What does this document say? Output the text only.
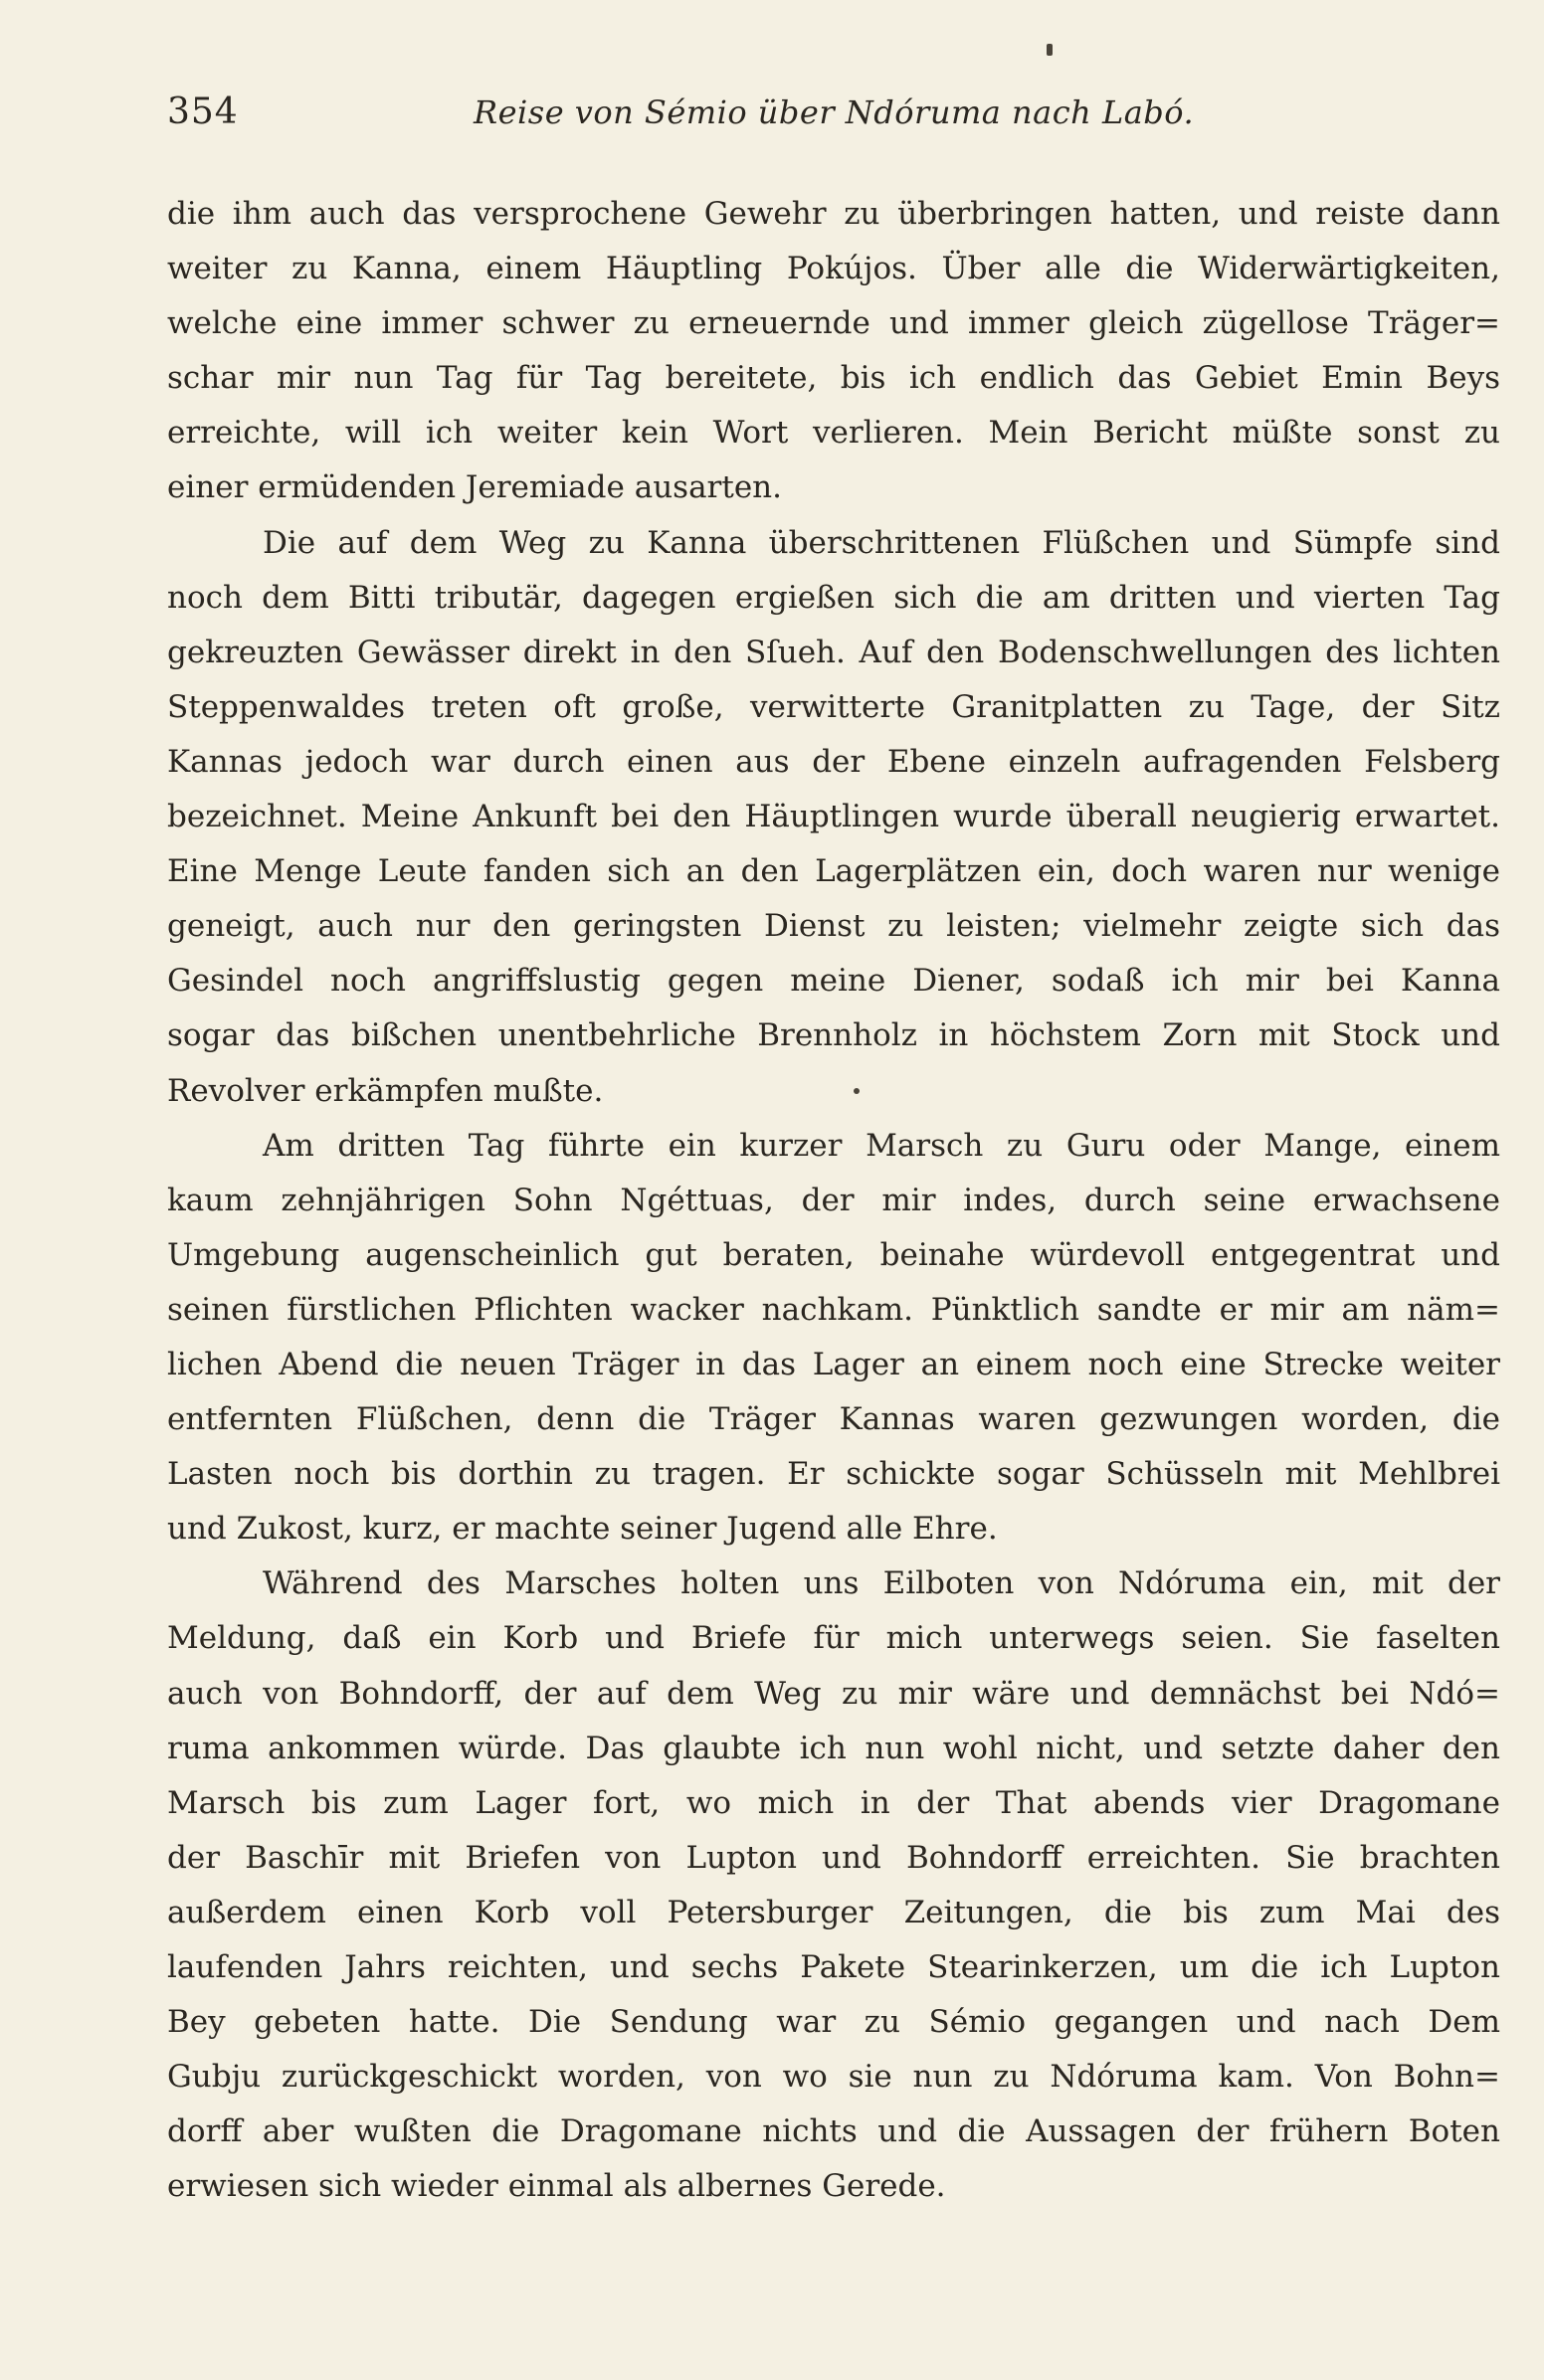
354	Reise von Sémio über Ndóruma nach Labó.
die ihm auch das versprochene Gewehr zu überbringen hatten, und reiste dann
weiter zu Kanna, einem Häuptling Pokújos. Über alle die Widerwärtigkeiten,
welche eine immer schwer zu erneuernde und immer gleich zügellose Träger=
schar mir nun Tag für Tag bereitete, bis ich endlich das Gebiet Emin Beys
erreichte, will ich weiter kein Wort verlieren. Mein Bericht müßte sonst zu
einer ermüdenden Jeremiade ausarten.
Die auf dem Weg zu Kanna überschrittenen Flüßchen und Sümpfe sind
noch dem Bitti tributär, dagegen ergießen sich die am dritten und vierten Tag
gekreuzten Gewässer direkt in den Sſueh. Auf den Bodenschwellungen des lichten
Steppenwaldes treten oft große, verwitterte Granitplatten zu Tage, der Sitz
Kannas jedoch war durch einen aus der Ebene einzeln aufragenden Felsberg
bezeichnet. Meine Ankunft bei den Häuptlingen wurde überall neugierig erwartet.
Eine Menge Leute fanden sich an den Lagerplätzen ein, doch waren nur wenige
geneigt, auch nur den geringsten Dienst zu leisten; vielmehr zeigte sich das
Gesindel noch angriffslustig gegen meine Diener, sodaß ich mir bei Kanna
sogar das bißchen unentbehrliche Brennholz in höchstem Zorn mit Stock und
Revolver erkämpfen mußte.
Am dritten Tag führte ein kurzer Marsch zu Guru oder Mange, einem
kaum zehnjährigen Sohn Ngéttuas, der mir indes, durch seine erwachsene
Umgebung augenscheinlich gut beraten, beinahe würdevoll entgegentrat und
seinen fürstlichen Pflichten wacker nachkam. Pünktlich sandte er mir am näm=
lichen Abend die neuen Träger in das Lager an einem noch eine Strecke weiter
entfernten Flüßchen, denn die Träger Kannas waren gezwungen worden, die
Lasten noch bis dorthin zu tragen. Er schickte sogar Schüsseln mit Mehlbrei
und Zukost, kurz, er machte seiner Jugend alle Ehre.
Während des Marsches holten uns Eilboten von Ndóruma ein, mit der
Meldung, daß ein Korb und Briefe für mich unterwegs seien. Sie faselten
auch von Bohndorff, der auf dem Weg zu mir wäre und demnächst bei Ndó=
ruma ankommen würde. Das glaubte ich nun wohl nicht, und setzte daher den
Marsch bis zum Lager fort, wo mich in der That abends vier Dragomane
der Baschīr mit Briefen von Lupton und Bohndorff erreichten. Sie brachten
außerdem einen Korb voll Petersburger Zeitungen, die bis zum Mai des
laufenden Jahrs reichten, und sechs Pakete Stearinkerzen, um die ich Lupton
Bey gebeten hatte. Die Sendung war zu Sémio gegangen und nach Dem
Gubju zurückgeschickt worden, von wo sie nun zu Ndóruma kam. Von Bohn=
dorff aber wußten die Dragomane nichts und die Aussagen der frühern Boten
erwiesen sich wieder einmal als albernes Gerede.
